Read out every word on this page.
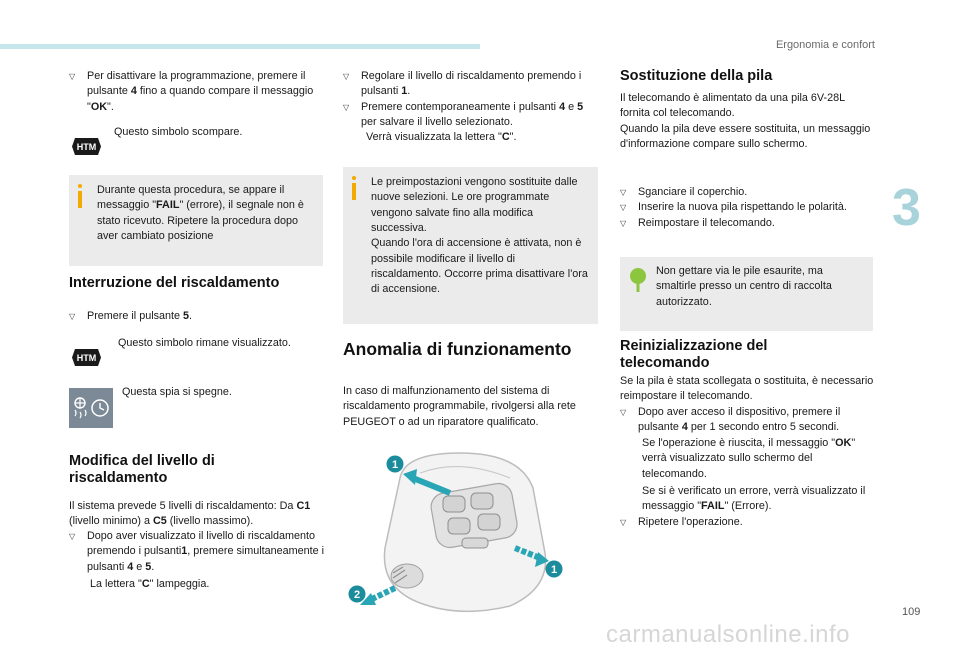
Ergonomia e confort
3
109
▽ Per disattivare la programmazione, premere il pulsante 4 fino a quando compare il messaggio "OK".
HTM
Questo simbolo scompare.
Durante questa procedura, se appare il messaggio "FAIL" (errore), il segnale non è stato ricevuto. Ripetere la procedura dopo aver cambiato posizione
Interruzione del riscaldamento
▽ Premere il pulsante 5.
HTM
Questo simbolo rimane visualizzato.
Questa spia si spegne.
Modifica del livello di riscaldamento
Il sistema prevede 5 livelli di riscaldamento: Da C1 (livello minimo) a C5 (livello massimo).
▽ Dopo aver visualizzato il livello di riscaldamento premendo i pulsanti1, premere simultaneamente i pulsanti 4 e 5.
La lettera "C" lampeggia.
▽ Regolare il livello di riscaldamento premendo i pulsanti 1.
▽ Premere contemporaneamente i pulsanti 4 e 5 per salvare il livello selezionato.
Verrà visualizzata la lettera "C".
Le preimpostazioni vengono sostituite dalle nuove selezioni. Le ore programmate vengono salvate fino alla modifica successiva.
Quando l'ora di accensione è attivata, non è possibile modificare il livello di riscaldamento. Occorre prima disattivare l'ora di accensione.
Anomalia di funzionamento
In caso di malfunzionamento del sistema di riscaldamento programmabile, rivolgersi alla rete PEUGEOT o ad un riparatore qualificato.
1
1
2
Sostituzione della pila
Il telecomando è alimentato da una pila 6V-28L fornita col telecomando.
Quando la pila deve essere sostituita, un messaggio d'informazione compare sullo schermo.
▽ Sganciare il coperchio.
▽ Inserire la nuova pila rispettando le polarità.
▽ Reimpostare il telecomando.
Non gettare via le pile esaurite, ma smaltirle presso un centro di raccolta autorizzato.
Reinizializzazione del telecomando
Se la pila è stata scollegata o sostituita, è necessario reimpostare il telecomando.
▽ Dopo aver acceso il dispositivo, premere il pulsante 4 per 1 secondo entro 5 secondi.
Se l'operazione è riuscita, il messaggio "OK" verrà visualizzato sullo schermo del telecomando.
Se si è verificato un errore, verrà visualizzato il messaggio "FAIL" (Errore).
▽ Ripetere l'operazione.
carmanualsonline.info
